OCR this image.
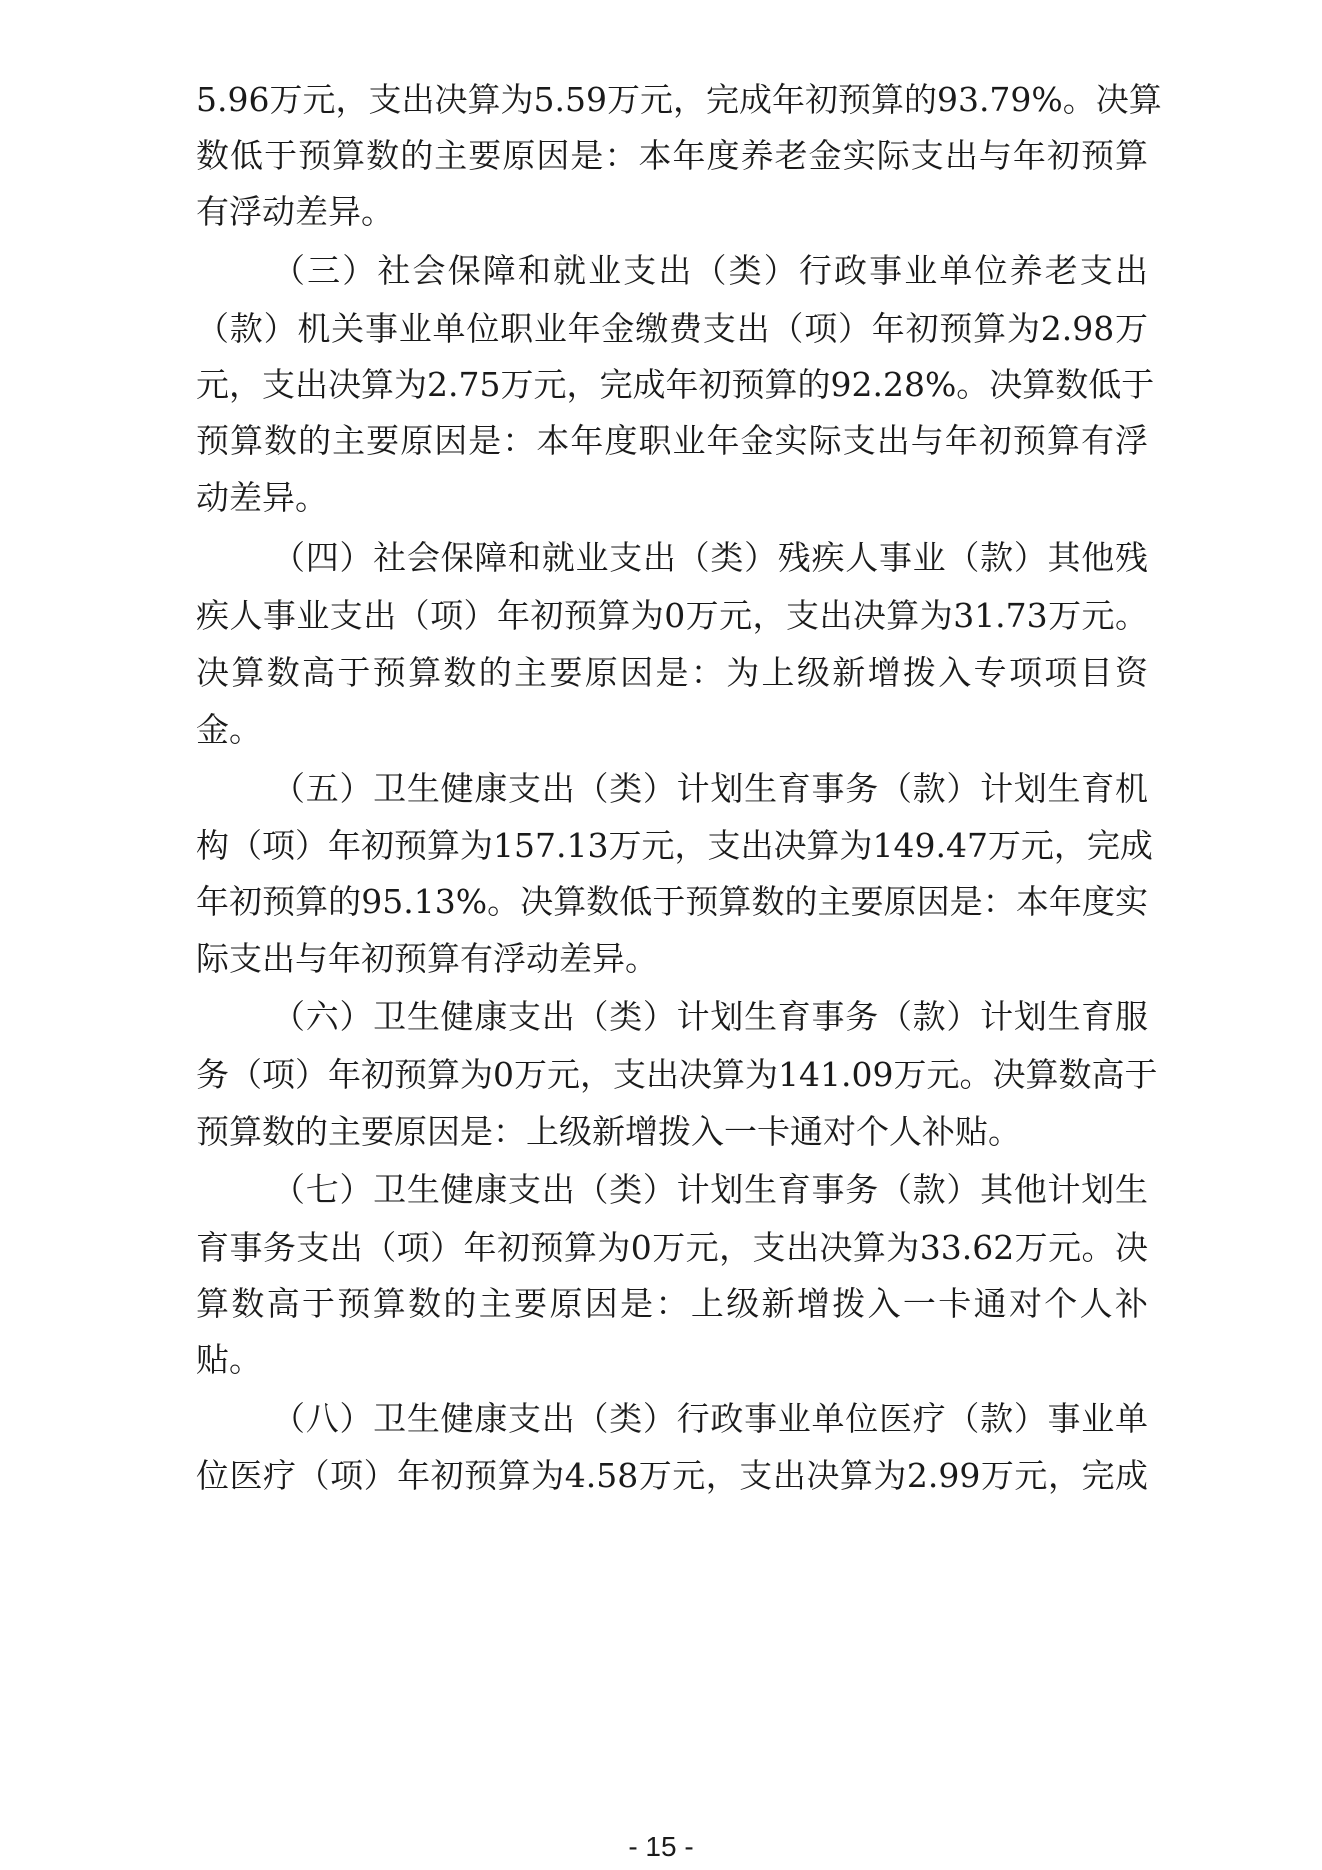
5.96万元，支出决算为5.59万元，完成年初预算的93.79%。决算
数低于预算数的主要原因是：本年度养老金实际支出与年初预算
有浮动差异。
（三）社会保障和就业支出（类）行政事业单位养老支出
（款）机关事业单位职业年金缴费支出（项）年初预算为2.98万
元，支出决算为2.75万元，完成年初预算的92.28%。决算数低于
预算数的主要原因是：本年度职业年金实际支出与年初预算有浮
动差异。
（四）社会保障和就业支出（类）残疾人事业（款）其他残
疾人事业支出（项）年初预算为0万元，支出决算为31.73万元。
决算数高于预算数的主要原因是：为上级新增拨入专项项目资
金。
（五）卫生健康支出（类）计划生育事务（款）计划生育机
构（项）年初预算为157.13万元，支出决算为149.47万元，完成
年初预算的95.13%。决算数低于预算数的主要原因是：本年度实
际支出与年初预算有浮动差异。
（六）卫生健康支出（类）计划生育事务（款）计划生育服
务（项）年初预算为0万元，支出决算为141.09万元。决算数高于
预算数的主要原因是：上级新增拨入一卡通对个人补贴。
（七）卫生健康支出（类）计划生育事务（款）其他计划生
育事务支出（项）年初预算为0万元，支出决算为33.62万元。决
算数高于预算数的主要原因是：上级新增拨入一卡通对个人补
贴。
（八）卫生健康支出（类）行政事业单位医疗（款）事业单
位医疗（项）年初预算为4.58万元，支出决算为2.99万元，完成
- 15 -
